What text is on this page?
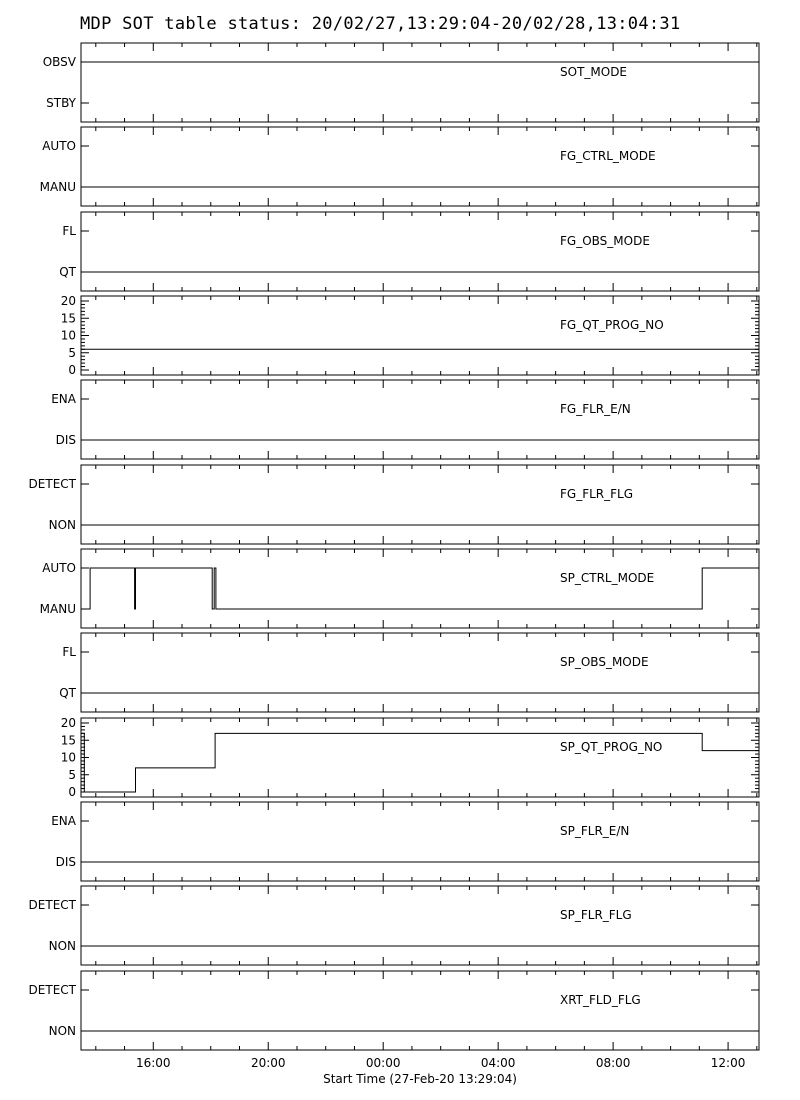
MDP SOT table status: 20/02/27,13:29:04-20/02/28,13:04:31
OBSV
STBY
SOT_MODE
AUTO
MANU
FG_CTRL_MODE
FL
QT
FG_OBS_MODE
20
15
10
5
0
FG_QT_PROG_NO
ENA
DIS
FG_FLR_E/N
DETECT
NON
FG_FLR_FLG
AUTO
MANU
SP_CTRL_MODE
FL
QT
SP_OBS_MODE
20
15
10
5
0
SP_QT_PROG_NO
ENA
DIS
SP_FLR_E/N
DETECT
NON
SP_FLR_FLG
DETECT
NON
XRT_FLD_FLG
16:00	20:00	00:00	04:00	08:00	12:00
Start Time (27-Feb-20 13:29:04)
